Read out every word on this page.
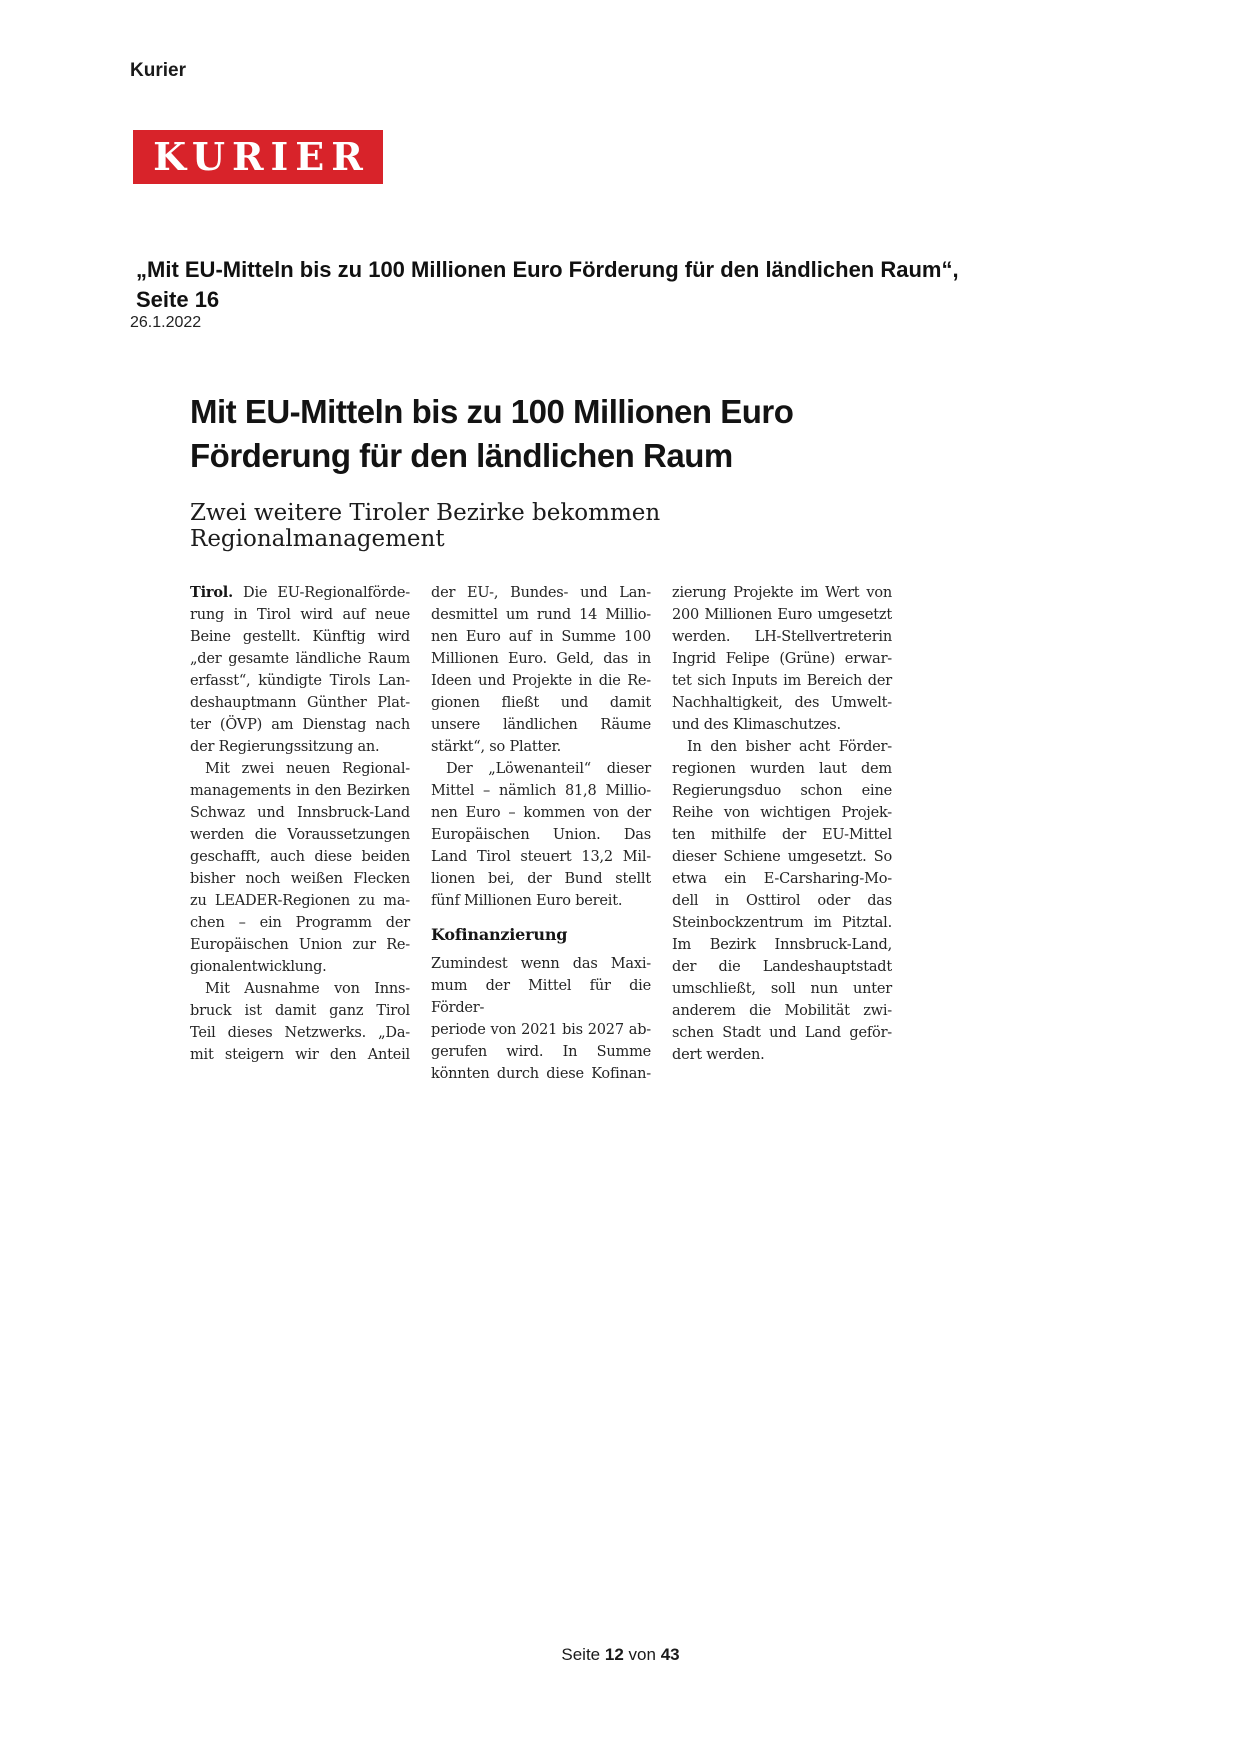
Kurier
KURIER
„Mit EU-Mitteln bis zu 100 Millionen Euro Förderung für den ländlichen Raum“, Seite 16
26.1.2022
Mit EU-Mitteln bis zu 100 Millionen Euro
Förderung für den ländlichen Raum
Zwei weitere Tiroler Bezirke bekommen Regionalmanagement
Tirol. Die EU-Regionalförde-
rung in Tirol wird auf neue
Beine gestellt. Künftig wird
„der gesamte ländliche Raum
erfasst“, kündigte Tirols Lan-
deshauptmann Günther Plat-
ter (ÖVP) am Dienstag nach
der Regierungssitzung an.
Mit zwei neuen Regional-
managements in den Bezirken
Schwaz und Innsbruck-Land
werden die Voraussetzungen
geschafft, auch diese beiden
bisher noch weißen Flecken
zu LEADER-Regionen zu ma-
chen – ein Programm der
Europäischen Union zur Re-
gionalentwicklung.
Mit Ausnahme von Inns-
bruck ist damit ganz Tirol
Teil dieses Netzwerks. „Da-
mit steigern wir den Anteil
der EU-, Bundes- und Lan-
desmittel um rund 14 Millio-
nen Euro auf in Summe 100
Millionen Euro. Geld, das in
Ideen und Projekte in die Re-
gionen fließt und damit
unsere ländlichen Räume
stärkt“, so Platter.
Der „Löwenanteil“ dieser
Mittel – nämlich 81,8 Millio-
nen Euro – kommen von der
Europäischen Union. Das
Land Tirol steuert 13,2 Mil-
lionen bei, der Bund stellt
fünf Millionen Euro bereit.
Kofinanzierung
Zumindest wenn das Maxi-
mum der Mittel für die Förder-
periode von 2021 bis 2027 ab-
gerufen wird. In Summe
könnten durch diese Kofinan-
zierung Projekte im Wert von
200 Millionen Euro umgesetzt
werden. LH-Stellvertreterin
Ingrid Felipe (Grüne) erwar-
tet sich Inputs im Bereich der
Nachhaltigkeit, des Umwelt-
und des Klimaschutzes.
In den bisher acht Förder-
regionen wurden laut dem
Regierungsduo schon eine
Reihe von wichtigen Projek-
ten mithilfe der EU-Mittel
dieser Schiene umgesetzt. So
etwa ein E-Carsharing-Mo-
dell in Osttirol oder das
Steinbockzentrum im Pitztal.
Im Bezirk Innsbruck-Land,
der die Landeshauptstadt
umschließt, soll nun unter
anderem die Mobilität zwi-
schen Stadt und Land geför-
dert werden.
Seite 12 von 43
